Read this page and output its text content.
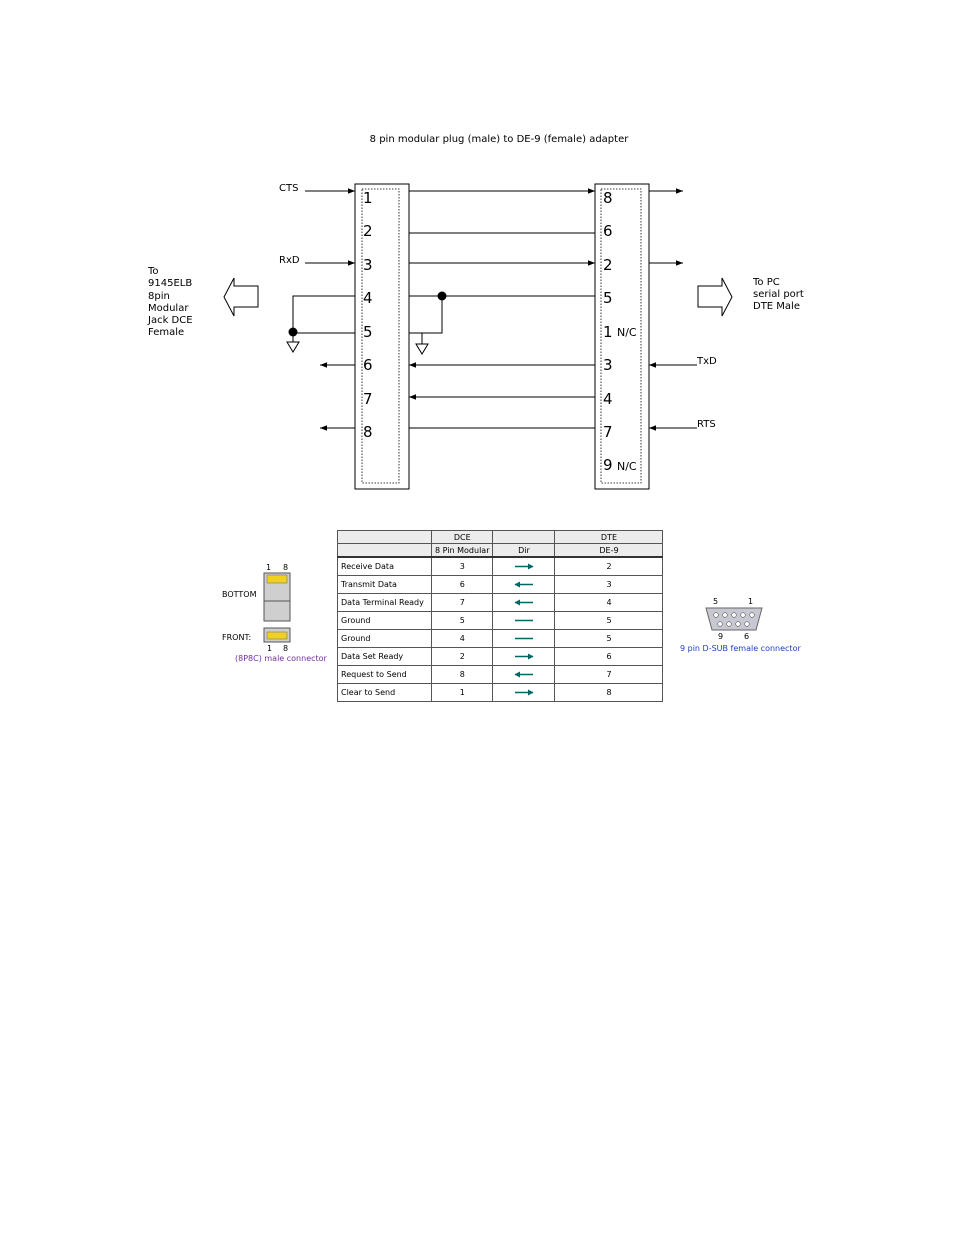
8 pin modular plug (male) to DE-9 (female) adapter
1
2
3
4
5
6
7
8
8
6
2
5
1 N/C
3
4
7
9 N/C
CTS
RxD
TxD
RTS
To
9145ELB
8pin
Modular
Jack DCE
Female
To PC
serial port
DTE Male
1 8
BOTTOM
FRONT:
1 8
(8P8C) male connector
5	1
9	6
9 pin D-SUB female connector
	DCE		DTE
	8 Pin Modular	Dir	DE-9
Receive Data	3		2
Transmit Data	6		3
Data Terminal Ready	7		4
Ground	5		5
Ground	4		5
Data Set Ready	2		6
Request to Send	8		7
Clear to Send	1		8
